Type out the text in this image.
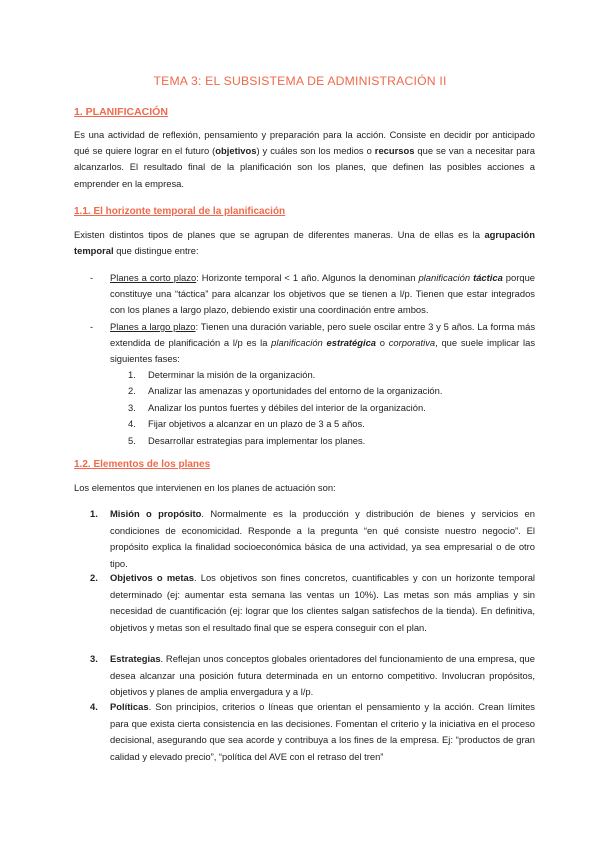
TEMA 3: EL SUBSISTEMA DE ADMINISTRACIÓN II
1. PLANIFICACIÓN

Es una actividad de reflexión, pensamiento y preparación para la acción. Consiste en decidir por anticipado qué se quiere lograr en el futuro (objetivos) y cuáles son los medios o recursos que se van a necesitar para alcanzarlos. El resultado final de la planificación son los planes, que definen las posibles acciones a emprender en la empresa.

1.1. El horizonte temporal de la planificación

Existen distintos tipos de planes que se agrupan de diferentes maneras. Una de ellas es la agrupación temporal que distingue entre:

- Planes a corto plazo: Horizonte temporal < 1 año. Algunos la denominan planificación táctica porque constituye una “táctica” para alcanzar los objetivos que se tienen a l/p. Tienen que estar integrados con los planes a largo plazo, debiendo existir una coordinación entre ambos.
- Planes a largo plazo: Tienen una duración variable, pero suele oscilar entre 3 y 5 años. La forma más extendida de planificación a l/p es la planificación estratégica o corporativa, que suele implicar las siguientes fases:
1. Determinar la misión de la organización.
2. Analizar las amenazas y oportunidades del entorno de la organización.
3. Analizar los puntos fuertes y débiles del interior de la organización.
4. Fijar objetivos a alcanzar en un plazo de 3 a 5 años.
5. Desarrollar estrategias para implementar los planes.
1.2. Elementos de los planes

Los elementos que intervienen en los planes de actuación son:

1. Misión o propósito. Normalmente es la producción y distribución de bienes y servicios en condiciones de economicidad. Responde a la pregunta “en qué consiste nuestro negocio”. El propósito explica la finalidad socioeconómica básica de una actividad, ya sea empresarial o de otro tipo.
2. Objetivos o metas. Los objetivos son fines concretos, cuantificables y con un horizonte temporal determinado (ej: aumentar esta semana las ventas un 10%). Las metas son más amplias y sin necesidad de cuantificación (ej: lograr que los clientes salgan satisfechos de la tienda). En definitiva, objetivos y metas son el resultado final que se espera conseguir con el plan.
3. Estrategias. Reflejan unos conceptos globales orientadores del funcionamiento de una empresa, que desea alcanzar una posición futura determinada en un entorno competitivo. Involucran propósitos, objetivos y planes de amplia envergadura y a l/p.
4. Políticas. Son principios, criterios o líneas que orientan el pensamiento y la acción. Crean límites para que exista cierta consistencia en las decisiones. Fomentan el criterio y la iniciativa en el proceso decisional, asegurando que sea acorde y contribuya a los fines de la empresa. Ej: “productos de gran calidad y elevado precio”, “política del AVE con el retraso del tren”
